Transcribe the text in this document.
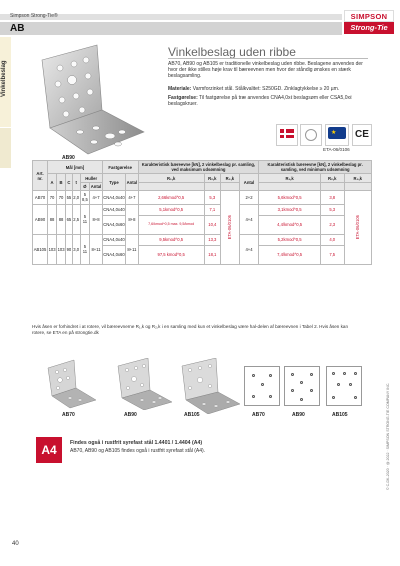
Simpson Strong-Tie®
AB
SIMPSON
Strong-Tie
Vinkelbeslag
AB90
Vinkelbeslag uden ribbe

AB70, AB90 og AB105 er traditionelle vinkelbeslag uden ribbe. Beslagene anvendes der hvor der ikke stilles høje krav til bæreevnen men hvor der ståndig ønskes en stærk beslagsamling.

Materiale: Varmforzinket stål. Stålkvalitet: S250GD. Zinklagtykkelse ≥ 20 µm.

Fastgørelse: Til fastgørelse på træ anvendes CNA4,0xℓ beslagsøm eller CSA5,0xℓ beslagskruer.

★	CE
ETA-06/0106
Art. nr.	Mål [mm]						Fastgørelse		Karakteristisk bæreevne [kN], 2 vinkelbeslag pr. samling, ved maksimum udsømning				Karakteristisk bæreevne [kN], 2 vinkelbeslag pr. samling, ved minimum udsømning		
	A	B	C	t	Huller		Type	Antal	R₁,k	R₂,k	R₃,k	Antal	R₁,k	R₂,k	R₃,k
					Ø	Antal									
AB70	70	70	55	2,0	5 8,5	4+7	CNA4,0x40	4+7	2,66kmod^0,5	5,3	ETA-06/0106	2+2	5,6kmod^0,5	3,8	ETA-06/0106
AB90	88	88	65	2,5	5 11	8+8	CNA4,0x40	8+8	5,1kmod^0,5	7,1		4+4	3,1kmod^0,5	5,3	
							CNA4,0x60		7,6/kmod^0,5 max. 9,5/kmod	10,4			4,4/kmod^0,5	2,3	
AB105	103	103	90	3,0	5 11	8+11	CNA4,0x40	8+11	9,5kmod^0,5	13,3		4+4	5,2kmod^0,5	4,0	
							CNA4,0x60		97,5 kmod^0,5	18,1			7,4/kmod^0,5	7,5	

Hvis åsen er forhindret i at rotere, vil bæreevnerne R₁,k og R₂,k i en samling med kun et vinkelbeslag være hal-delen af bæreevnen i Tabel 2. Hvis åsen kan rotere, se ETA en på strongtie.dk

© C-DK-2020 · @ 2022 · SIMPSON STRONG-TIE COMPANY INC.
AB70	AB90	AB105	AB70	AB90	AB105
A4	Findes også i rustfrit syrefast stål 1.4401 / 1.4404 (A4)
AB70, AB90 og AB105 findes også i rustfrit syrefast stål (A4).
40
